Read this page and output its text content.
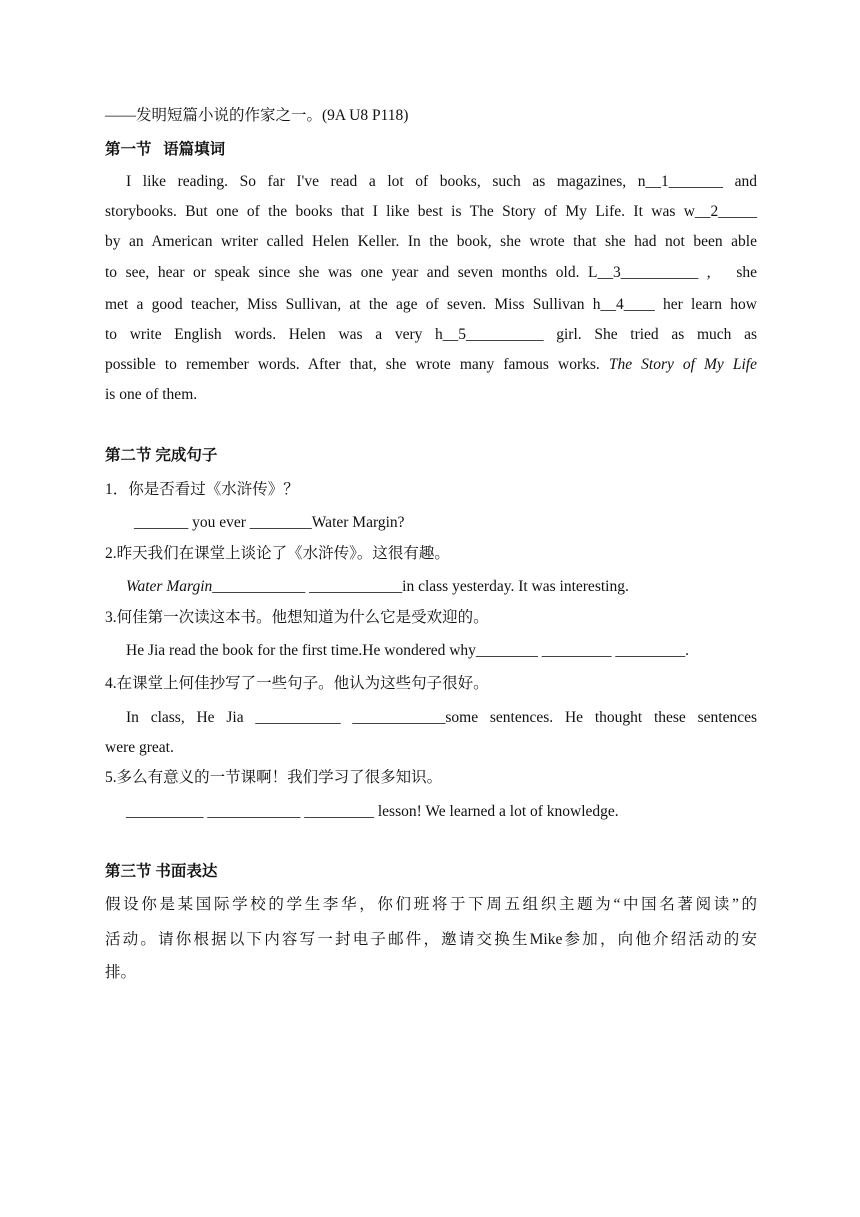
——发明短篇小说的作家之一。(9A U8 P118)
第一节   语篇填词
I like reading. So far I've read a lot of books, such as magazines, n__1_______ and
storybooks. But one of the books that I like best is The Story of My Life. It was w__2_____
by an American writer called Helen Keller. In the book, she wrote that she had not been able
to see, hear or speak since she was one year and seven months old. L__3__________ ,   she
met a good teacher, Miss Sullivan, at the age of seven. Miss Sullivan h__4____ her learn how
to write English words. Helen was a very h__5__________ girl. She tried as much as
possible to remember words. After that, she wrote many famous works. The Story of My Life
is one of them.
第二节 完成句子
1．你是否看过《水浒传》？
_______ you ever ________Water Margin?
2.昨天我们在课堂上谈论了《水浒传》。这很有趣。
Water Margin____________ ____________in class yesterday. It was interesting.
3.何佳第一次读这本书。他想知道为什么它是受欢迎的。
He Jia read the book for the first time.He wondered why________ _________ _________.
4.在课堂上何佳抄写了一些句子。他认为这些句子很好。
In class, He Jia ___________ ____________some sentences. He thought these sentences
were great.
5.多么有意义的一节课啊！我们学习了很多知识。
__________ ____________ _________ lesson! We learned a lot of knowledge.
第三节 书面表达
假设你是某国际学校的学生李华，你们班将于下周五组织主题为“中国名著阅读”的
活动。请你根据以下内容写一封电子邮件，邀请交换生Mike参加，向他介绍活动的安
排。
